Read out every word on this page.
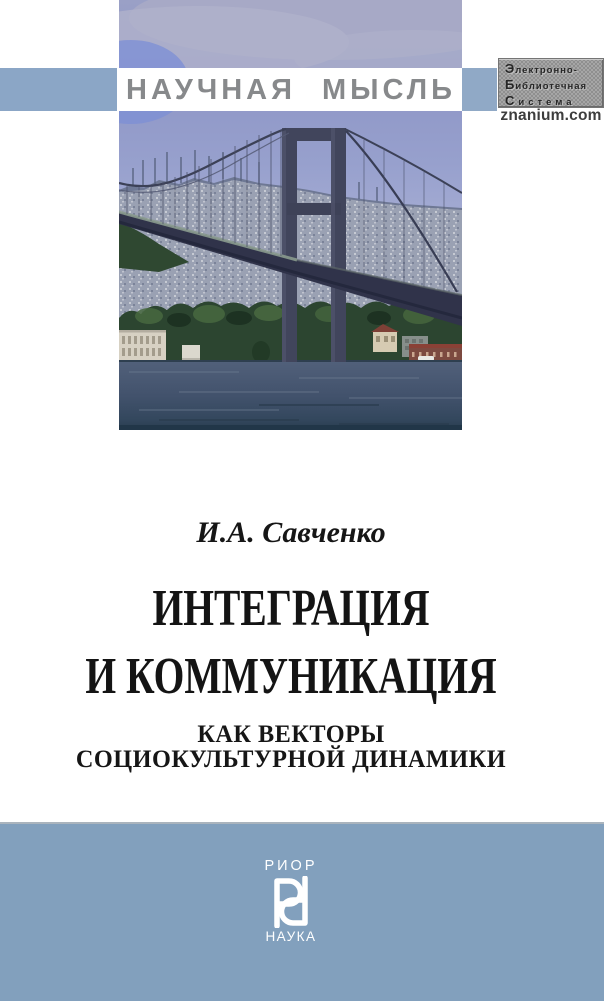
НАУЧНАЯ МЫСЛЬ
Электронно-
Библиотечная
Система
znanium.com
И.А. Савченко
ИНТЕГРАЦИЯ
И КОММУНИКАЦИЯ
КАК ВЕКТОРЫ
СОЦИОКУЛЬТУРНОЙ ДИНАМИКИ
РИОР
НАУКА
